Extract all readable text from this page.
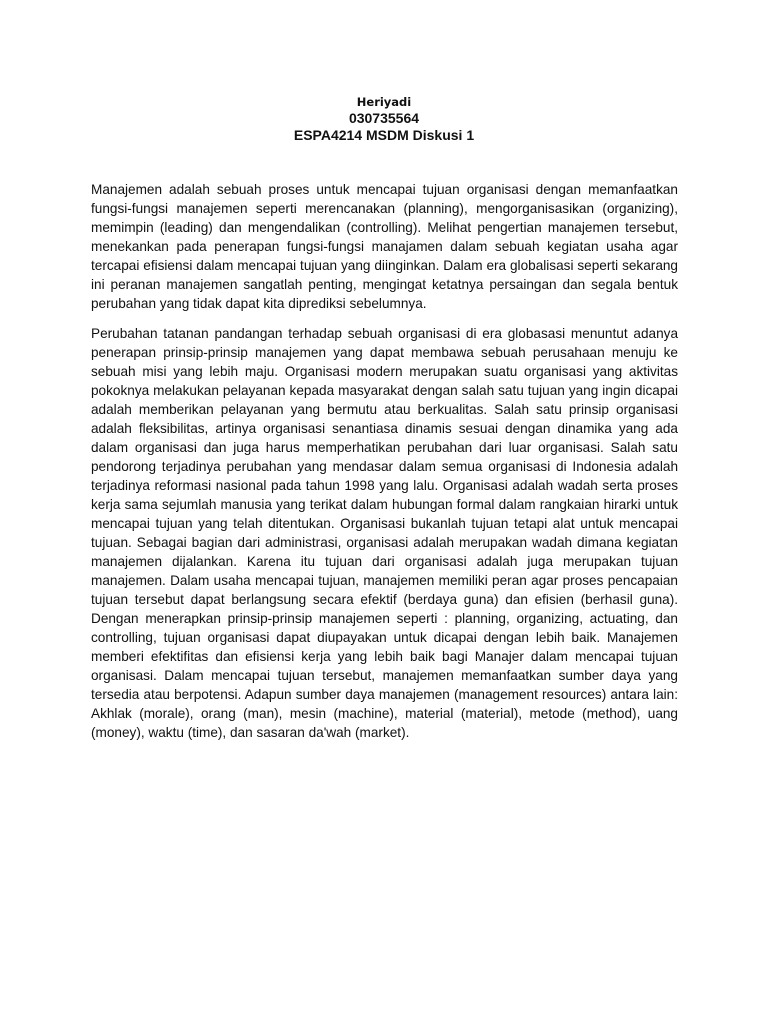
Heriyadi

030735564

ESPA4214 MSDM Diskusi 1

Manajemen adalah sebuah proses untuk mencapai tujuan organisasi dengan memanfaatkan fungsi-fungsi manajemen seperti merencanakan (planning), mengorganisasikan (organizing), memimpin (leading) dan mengendalikan (controlling). Melihat pengertian manajemen tersebut, menekankan pada penerapan fungsi-fungsi manajamen dalam sebuah kegiatan usaha agar tercapai efisiensi dalam mencapai tujuan yang diinginkan. Dalam era globalisasi seperti sekarang ini peranan manajemen sangatlah penting, mengingat ketatnya persaingan dan segala bentuk perubahan yang tidak dapat kita diprediksi sebelumnya.

Perubahan tatanan pandangan terhadap sebuah organisasi di era globasasi menuntut adanya penerapan prinsip-prinsip manajemen yang dapat membawa sebuah perusahaan menuju ke sebuah misi yang lebih maju. Organisasi modern merupakan suatu organisasi yang aktivitas pokoknya melakukan pelayanan kepada masyarakat dengan salah satu tujuan yang ingin dicapai adalah memberikan pelayanan yang bermutu atau berkualitas. Salah satu prinsip organisasi adalah fleksibilitas, artinya organisasi senantiasa dinamis sesuai dengan dinamika yang ada dalam organisasi dan juga harus memperhatikan perubahan dari luar organisasi. Salah satu pendorong terjadinya perubahan yang mendasar dalam semua organisasi di Indonesia adalah terjadinya reformasi nasional pada tahun 1998 yang lalu. Organisasi adalah wadah serta proses kerja sama sejumlah manusia yang terikat dalam hubungan formal dalam rangkaian hirarki untuk mencapai tujuan yang telah ditentukan. Organisasi bukanlah tujuan tetapi alat untuk mencapai tujuan. Sebagai bagian dari administrasi, organisasi adalah merupakan wadah dimana kegiatan manajemen dijalankan. Karena itu tujuan dari organisasi adalah juga merupakan tujuan manajemen. Dalam usaha mencapai tujuan, manajemen memiliki peran agar proses pencapaian tujuan tersebut dapat berlangsung secara efektif (berdaya guna) dan efisien (berhasil guna). Dengan menerapkan prinsip-prinsip manajemen seperti : planning, organizing, actuating, dan controlling, tujuan organisasi dapat diupayakan untuk dicapai dengan lebih baik. Manajemen memberi efektifitas dan efisiensi kerja yang lebih baik bagi Manajer dalam mencapai tujuan organisasi. Dalam mencapai tujuan tersebut, manajemen memanfaatkan sumber daya yang tersedia atau berpotensi. Adapun sumber daya manajemen (management resources) antara lain: Akhlak (morale), orang (man), mesin (machine), material (material), metode (method), uang (money), waktu (time), dan sasaran da'wah (market).
